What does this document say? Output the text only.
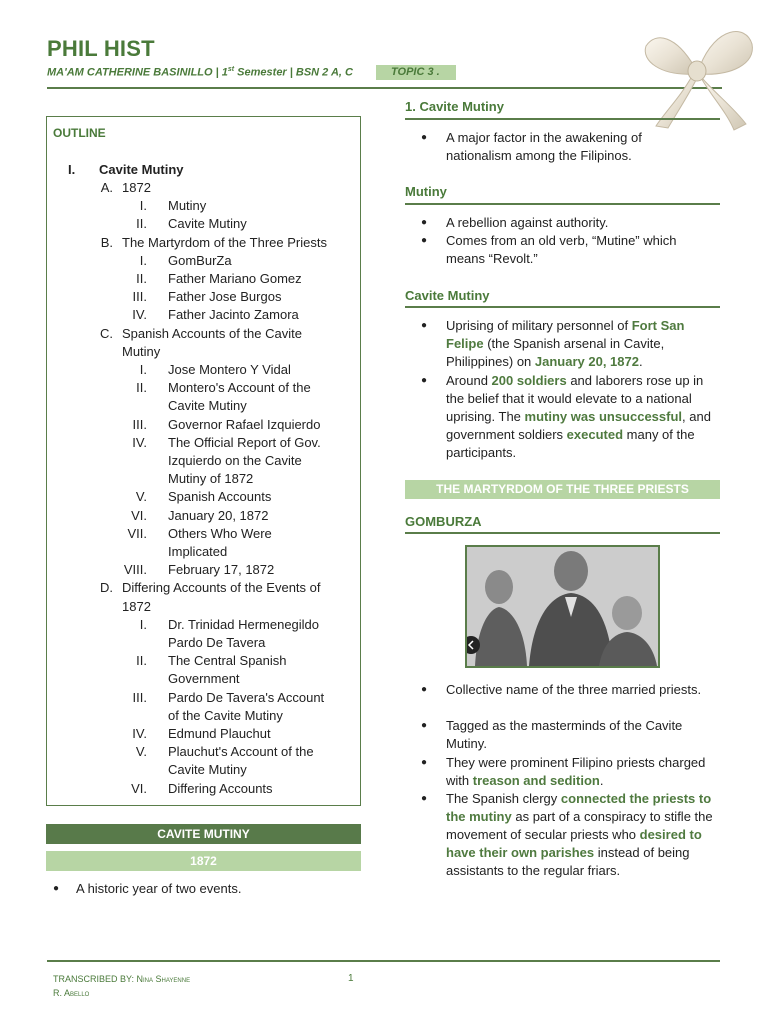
PHIL HIST
MA'AM CATHERINE BASINILLO | 1st Semester | BSN 2 A, C	TOPIC 3 .
OUTLINE
I. Cavite Mutiny
A. 1872
I. Mutiny
II. Cavite Mutiny
B. The Martyrdom of the Three Priests
I. GomBurZa
II. Father Mariano Gomez
III. Father Jose Burgos
IV. Father Jacinto Zamora
C. Spanish Accounts of the Cavite
Mutiny
I. Jose Montero Y Vidal
II. Montero's Account of the
Cavite Mutiny
III. Governor Rafael Izquierdo
IV. The Official Report of Gov.
Izquierdo on the Cavite
Mutiny of 1872
V. Spanish Accounts
VI. January 20, 1872
VII. Others Who Were
Implicated
VIII. February 17, 1872
D. Differing Accounts of the Events of
1872
I. Dr. Trinidad Hermenegildo
Pardo De Tavera
II. The Central Spanish
Government
III. Pardo De Tavera's Account
of the Cavite Mutiny
IV. Edmund Plauchut
V. Plauchut's Account of the
Cavite Mutiny
VI. Differing Accounts
CAVITE MUTINY
1872
● A historic year of two events.
1. Cavite Mutiny
● A major factor in the awakening of
nationalism among the Filipinos.
Mutiny
● A rebellion against authority.
● Comes from an old verb, “Mutine” which
means “Revolt.”
Cavite Mutiny
● Uprising of military personnel of Fort San Felipe (the Spanish arsenal in Cavite, Philippines) on January 20, 1872.
● Around 200 soldiers and laborers rose up in the belief that it would elevate to a national uprising. The mutiny was unsuccessful, and government soldiers executed many of the participants.
THE MARTYRDOM OF THE THREE PRIESTS
GOMBURZA
● Collective name of the three married priests.
● Tagged as the masterminds of the Cavite Mutiny.
● They were prominent Filipino priests charged with treason and sedition.
● The Spanish clergy connected the priests to the mutiny as part of a conspiracy to stifle the movement of secular priests who desired to have their own parishes instead of being assistants to the regular friars.
TRANSCRIBED BY: Nina Shayenne
R. Abello
1
